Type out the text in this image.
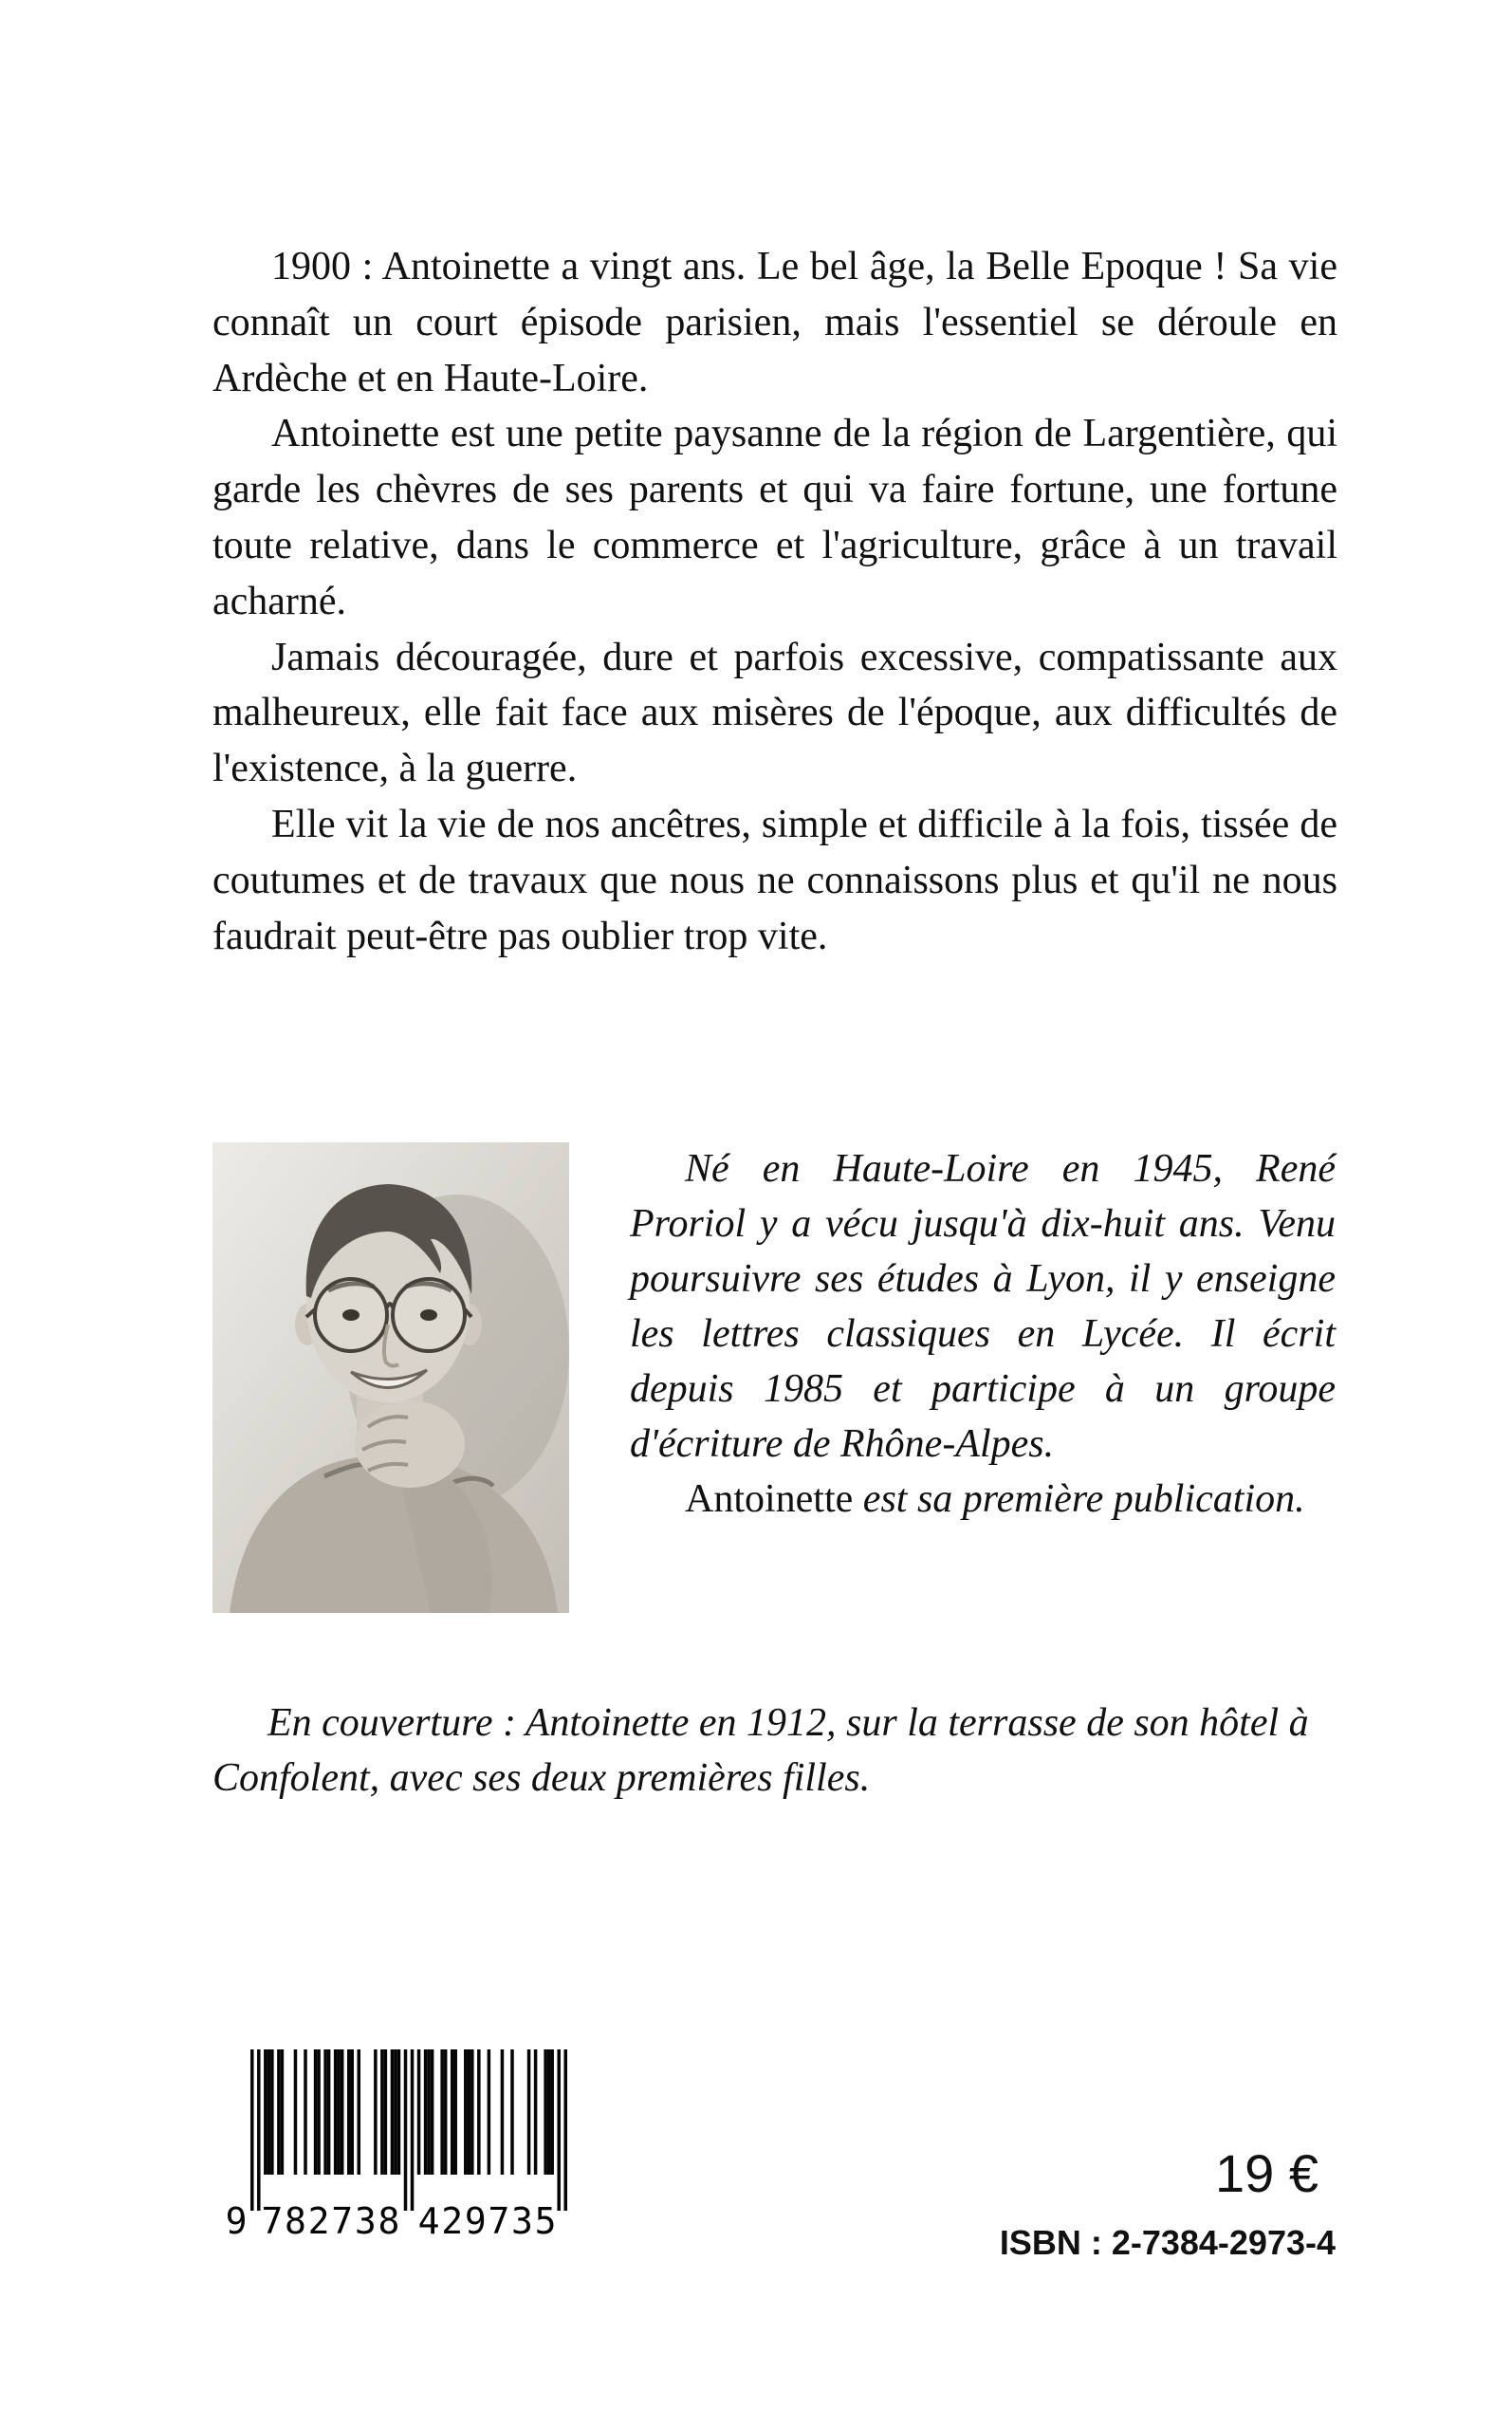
1900 : Antoinette a vingt ans. Le bel âge, la Belle Epoque ! Sa vie connaît un court épisode parisien, mais l'essentiel se déroule en Ardèche et en Haute-Loire.

Antoinette est une petite paysanne de la région de Largentière, qui garde les chèvres de ses parents et qui va faire fortune, une fortune toute relative, dans le commerce et l'agriculture, grâce à un travail acharné.

Jamais découragée, dure et parfois excessive, compatissante aux malheureux, elle fait face aux misères de l'époque, aux difficultés de l'existence, à la guerre.

Elle vit la vie de nos ancêtres, simple et difficile à la fois, tissée de coutumes et de travaux que nous ne connaissons plus et qu'il ne nous faudrait peut-être pas oublier trop vite.

Né en Haute-Loire en 1945, René Proriol y a vécu jusqu'à dix-huit ans. Venu poursuivre ses études à Lyon, il y enseigne les lettres classiques en Lycée. Il écrit depuis 1985 et participe à un groupe d'écriture de Rhône-Alpes.

Antoinette est sa première publication.

En couverture : Antoinette en 1912, sur la terrasse de son hôtel à Confolent, avec ses deux premières filles.

9 7 8 2 7 3 8 4 2 9 7 3 5
19 €
ISBN : 2-7384-2973-4
